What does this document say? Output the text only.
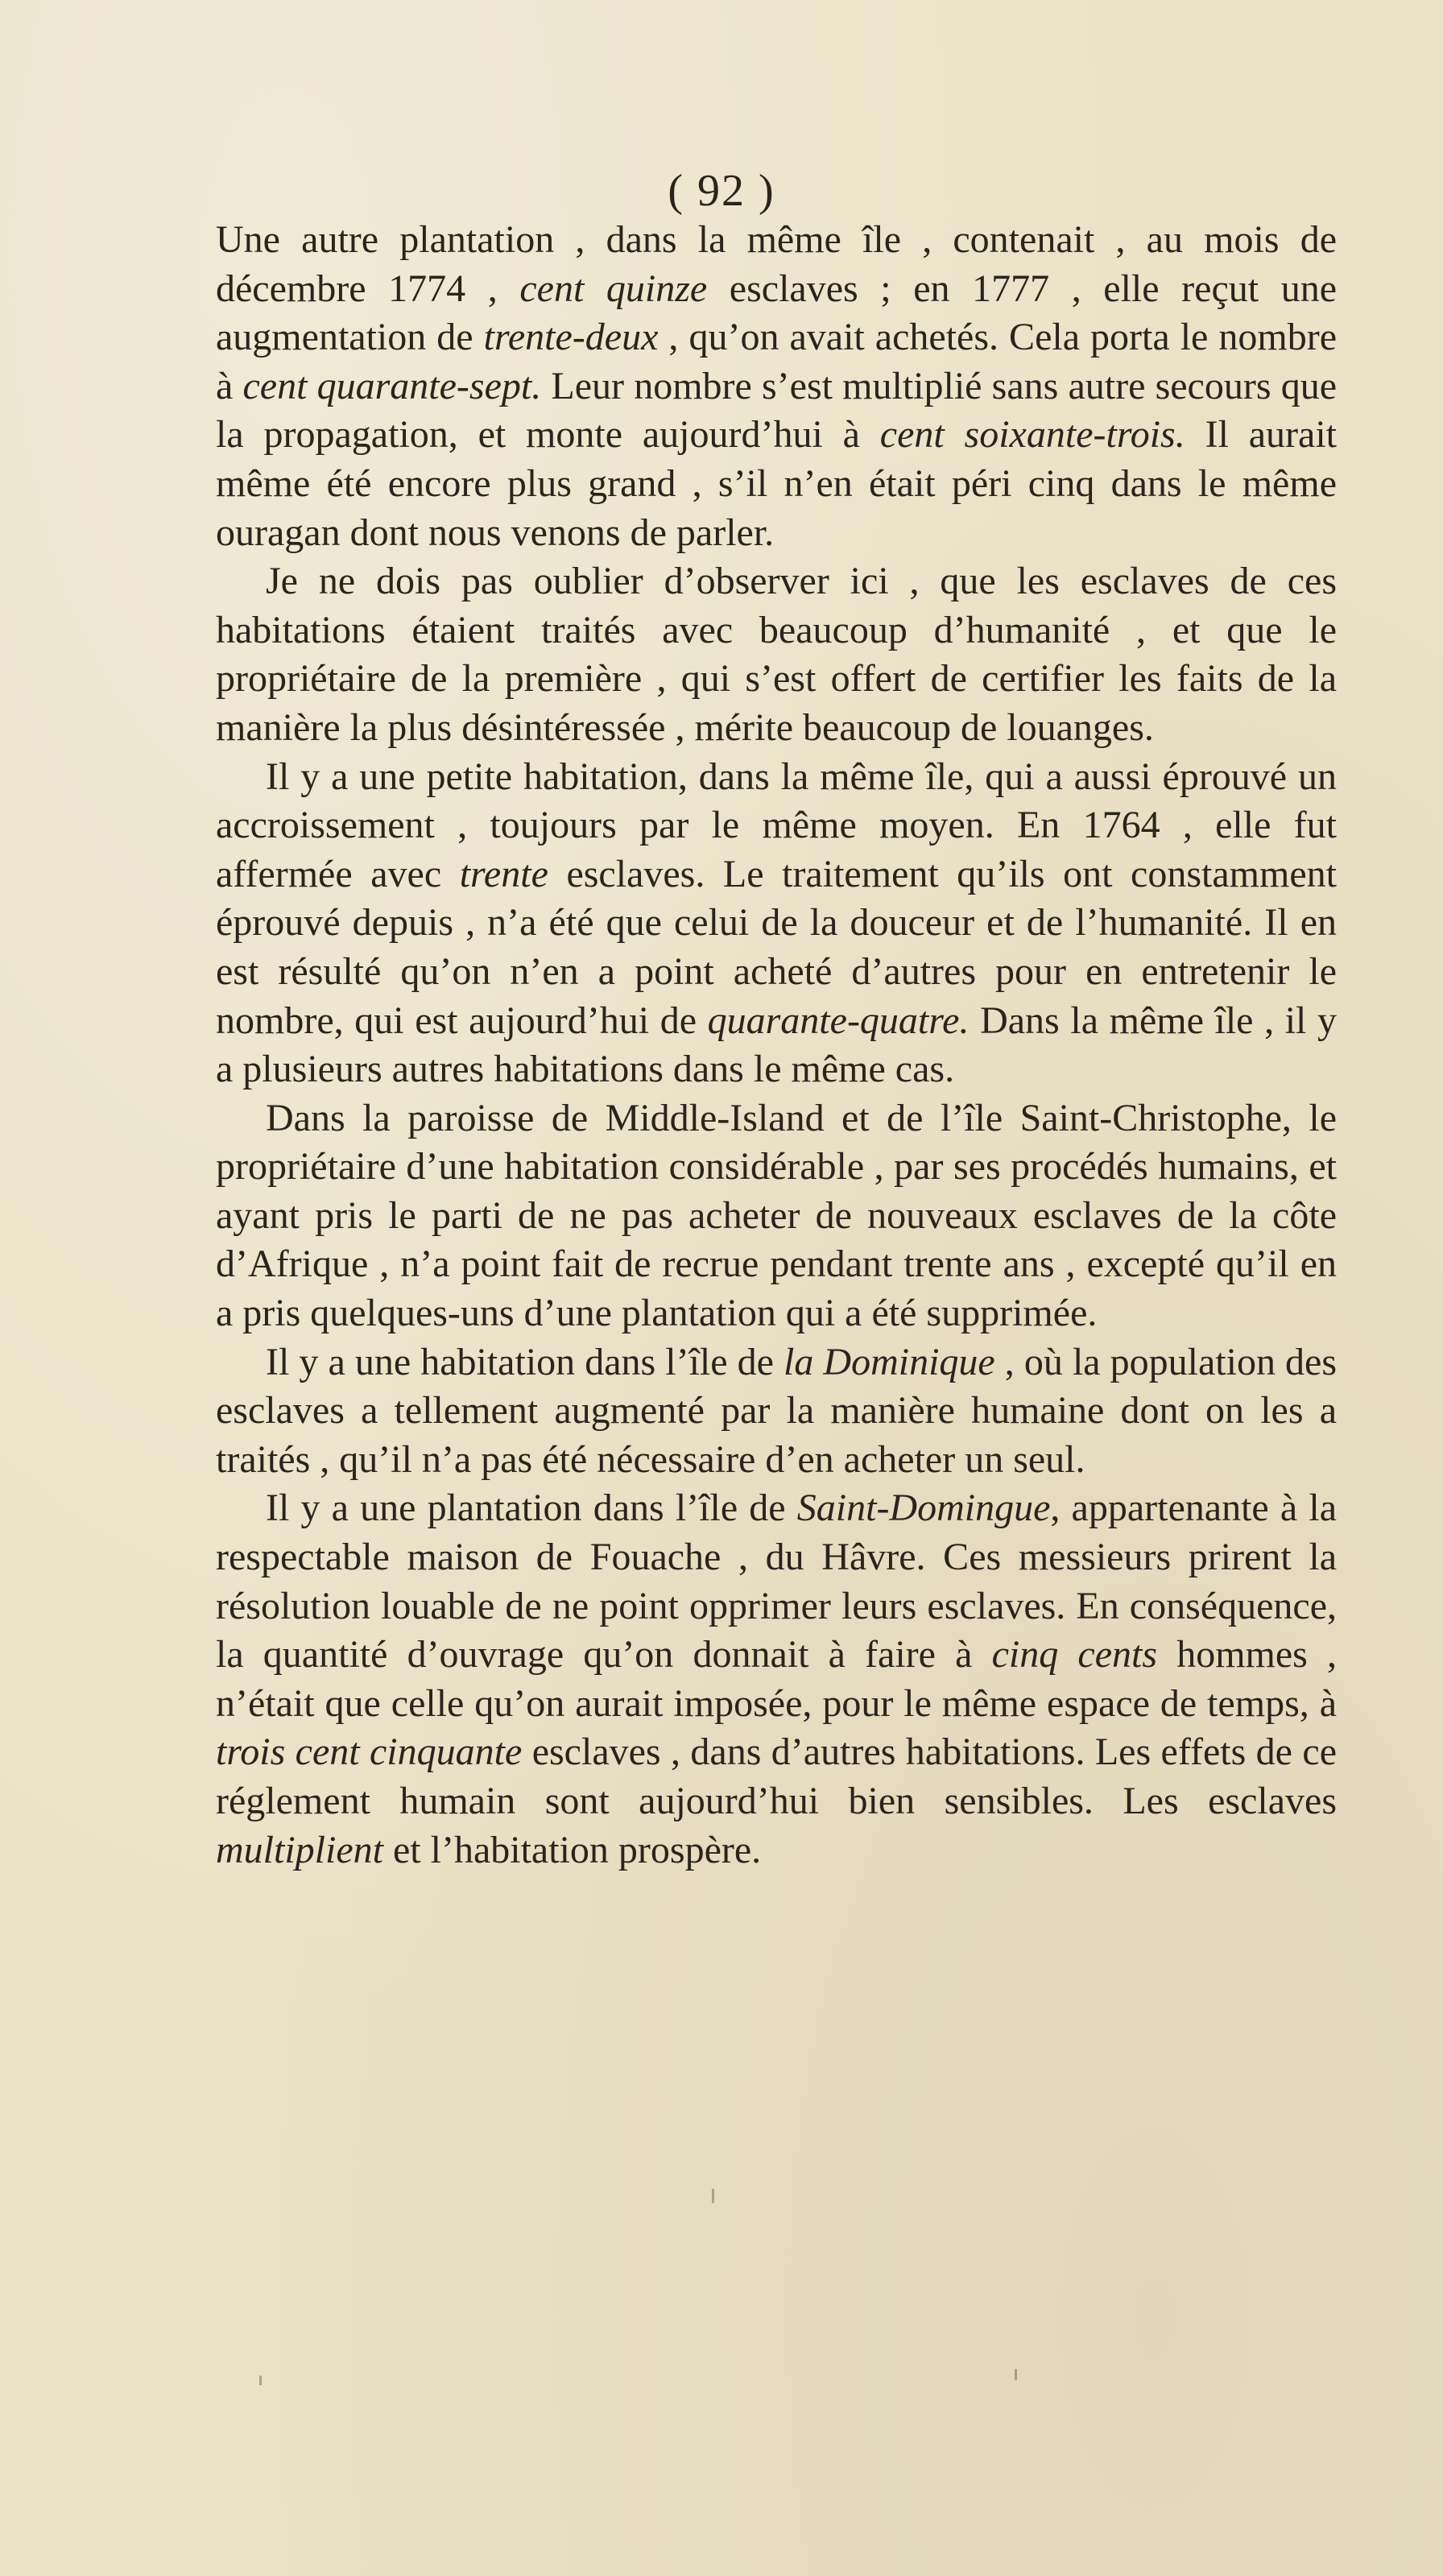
( 92 )

Une autre plantation , dans la même île , contenait , au mois de décembre 1774 , cent quinze esclaves ; en 1777 , elle reçut une augmentation de trente-deux , qu’on avait achetés. Cela porta le nombre à cent quarante-sept. Leur nombre s’est multiplié sans autre secours que la propagation, et monte aujourd’hui à cent soixante-trois. Il aurait même été encore plus grand , s’il n’en était péri cinq dans le même ouragan dont nous venons de parler.

Je ne dois pas oublier d’observer ici , que les esclaves de ces habitations étaient traités avec beaucoup d’humanité , et que le propriétaire de la première , qui s’est offert de certifier les faits de la manière la plus désintéressée , mérite beaucoup de louanges.

Il y a une petite habitation, dans la même île, qui a aussi éprouvé un accroissement , toujours par le même moyen. En 1764 , elle fut affermée avec trente esclaves. Le traitement qu’ils ont constamment éprouvé depuis , n’a été que celui de la douceur et de l’humanité. Il en est résulté qu’on n’en a point acheté d’autres pour en entretenir le nombre, qui est aujourd’hui de quarante-quatre. Dans la même île , il y a plusieurs autres habitations dans le même cas.

Dans la paroisse de Middle-Island et de l’île Saint-Christophe, le propriétaire d’une habitation considérable , par ses procédés humains, et ayant pris le parti de ne pas acheter de nouveaux esclaves de la côte d’Afrique , n’a point fait de recrue pendant trente ans , excepté qu’il en a pris quelques-uns d’une plantation qui a été supprimée.

Il y a une habitation dans l’île de la Dominique , où la population des esclaves a tellement augmenté par la manière humaine dont on les a traités , qu’il n’a pas été nécessaire d’en acheter un seul.

Il y a une plantation dans l’île de Saint-Domingue, appartenante à la respectable maison de Fouache , du Hâvre. Ces messieurs prirent la résolution louable de ne point opprimer leurs esclaves. En conséquence, la quantité d’ouvrage qu’on donnait à faire à cinq cents hommes , n’était que celle qu’on aurait imposée, pour le même espace de temps, à trois cent cinquante esclaves , dans d’autres habitations. Les effets de ce réglement humain sont aujourd’hui bien sensibles. Les esclaves multiplient et l’habitation prospère.
